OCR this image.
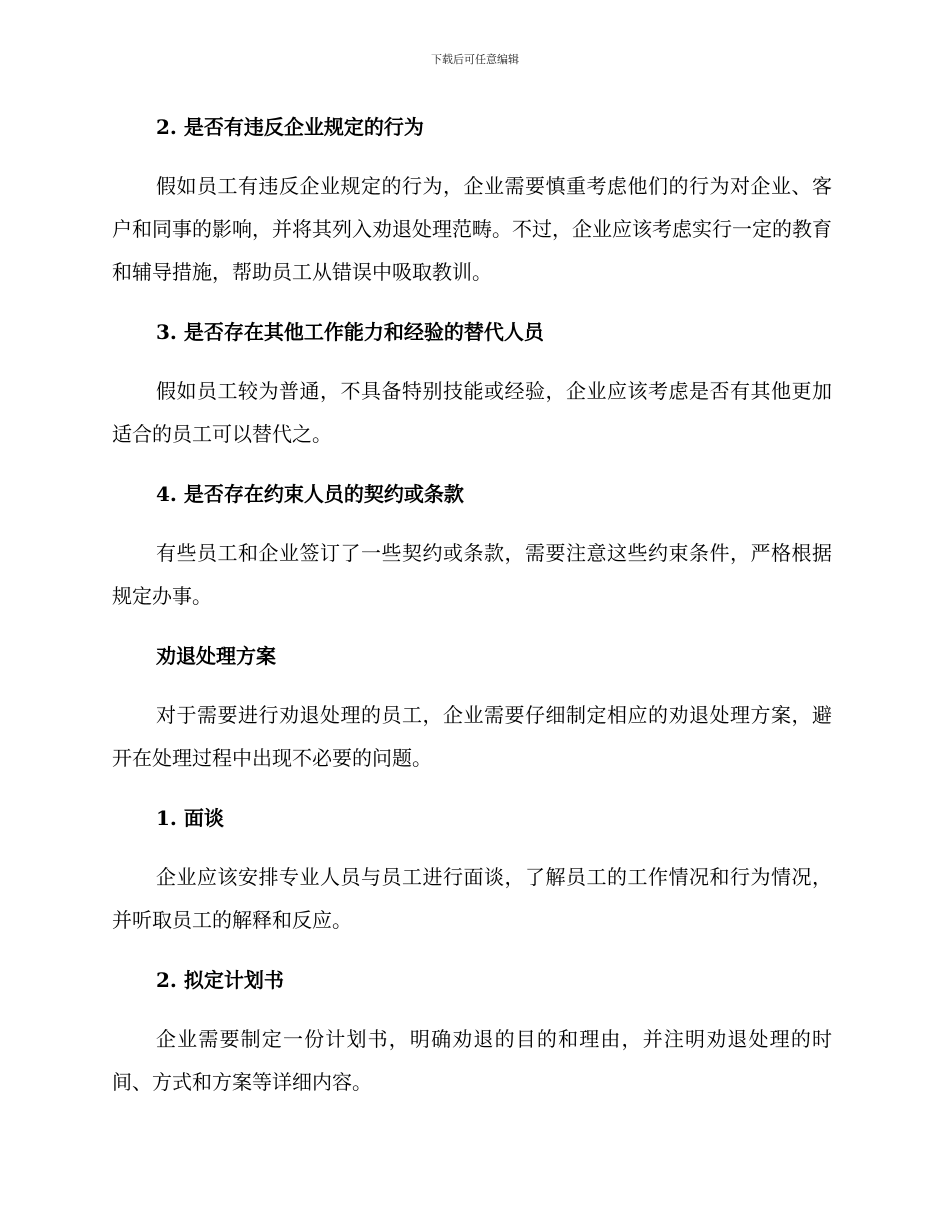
下载后可任意编辑
2. 是否有违反企业规定的行为

假如员工有违反企业规定的行为，企业需要慎重考虑他们的行为对企业、客户和同事的影响，并将其列入劝退处理范畴。不过，企业应该考虑实行一定的教育和辅导措施，帮助员工从错误中吸取教训。

3. 是否存在其他工作能力和经验的替代人员

假如员工较为普通，不具备特别技能或经验，企业应该考虑是否有其他更加适合的员工可以替代之。

4. 是否存在约束人员的契约或条款

有些员工和企业签订了一些契约或条款，需要注意这些约束条件，严格根据规定办事。

劝退处理方案

对于需要进行劝退处理的员工，企业需要仔细制定相应的劝退处理方案，避开在处理过程中出现不必要的问题。

1. 面谈

企业应该安排专业人员与员工进行面谈，了解员工的工作情况和行为情况，并听取员工的解释和反应。

2. 拟定计划书

企业需要制定一份计划书，明确劝退的目的和理由，并注明劝退处理的时间、方式和方案等详细内容。
